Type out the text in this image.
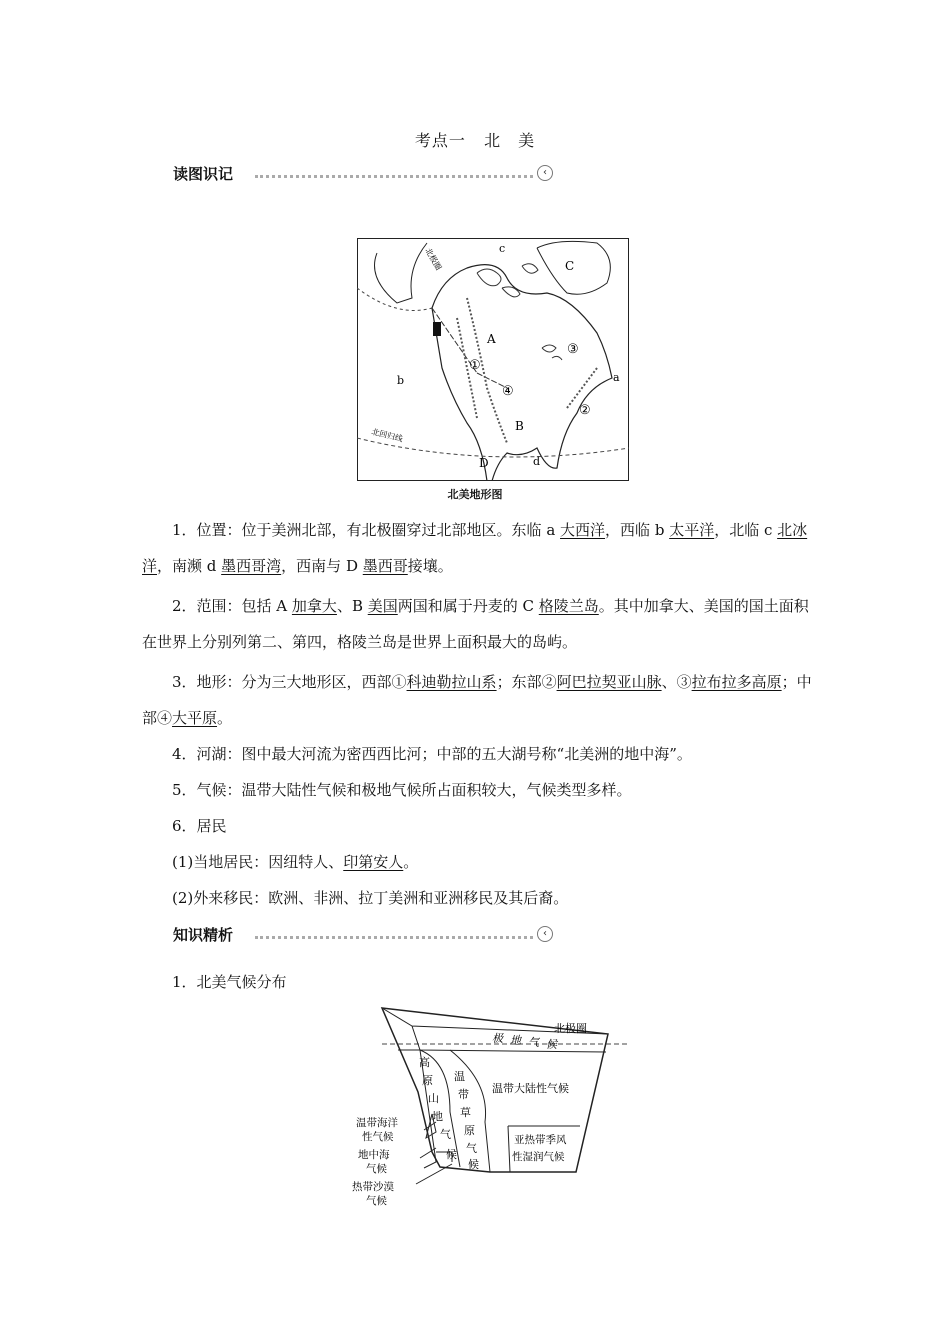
考点一 北　美
读图识记	‹
c
C
A
B
D	d
a
b
①
②
③
④
北极圈
北回归线
北美地形图
1．位置：位于美洲北部，有北极圈穿过北部地区。东临 a 大西洋，西临 b 太平洋，北临 c 北冰洋，南濒 d 墨西哥湾，西南与 D 墨西哥接壤。
2．范围：包括 A 加拿大、B 美国两国和属于丹麦的 C 格陵兰岛。其中加拿大、美国的国土面积在世界上分别列第二、第四，格陵兰岛是世界上面积最大的岛屿。
3．地形：分为三大地形区，西部①科迪勒拉山系；东部②阿巴拉契亚山脉、③拉布拉多高原；中部④大平原。
4．河湖：图中最大河流为密西西比河；中部的五大湖号称“北美洲的地中海”。
5．气候：温带大陆性气候和极地气候所占面积较大，气候类型多样。
6．居民
(1)当地居民：因纽特人、印第安人。
(2)外来移民：欧洲、非洲、拉丁美洲和亚洲移民及其后裔。
知识精析	‹
1．北美气候分布
北极圈
极 地 气 候
高
原
山
地
气
候
温
带
草
原
气
候
温带大陆性气候
亚热带季风
性湿润气候
温带海洋
性气候
地中海
气候
热带沙漠
气候
